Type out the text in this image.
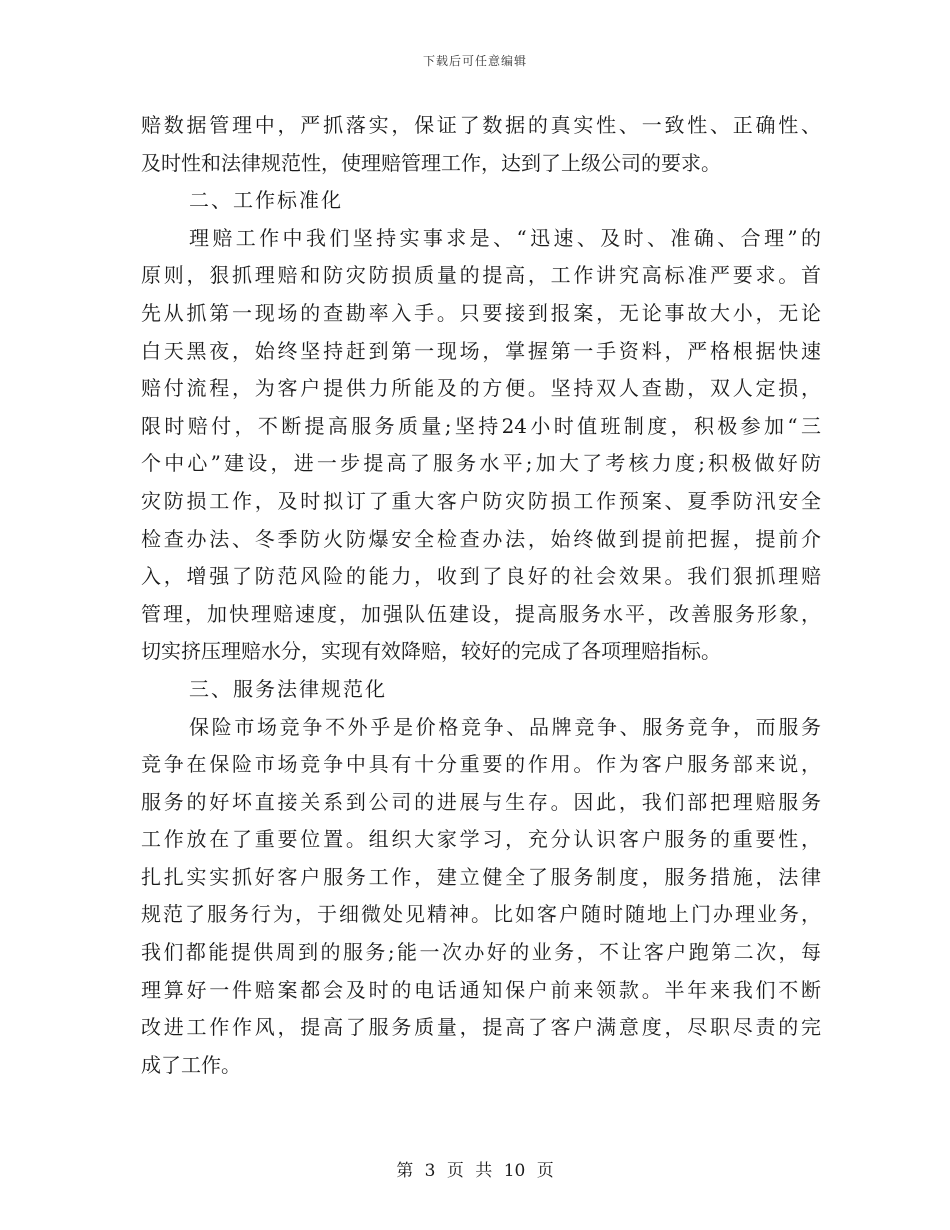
下载后可任意编辑
赔数据管理中，严抓落实，保证了数据的真实性、一致性、正确性、
及时性和法律规范性，使理赔管理工作，达到了上级公司的要求。
二、工作标准化
理赔工作中我们坚持实事求是、“迅速、及时、准确、合理”的
原则，狠抓理赔和防灾防损质量的提高，工作讲究高标准严要求。首
先从抓第一现场的查勘率入手。只要接到报案，无论事故大小，无论
白天黑夜，始终坚持赶到第一现场，掌握第一手资料，严格根据快速
赔付流程，为客户提供力所能及的方便。坚持双人查勘，双人定损，
限时赔付，不断提高服务质量;坚持24小时值班制度，积极参加“三
个中心”建设，进一步提高了服务水平;加大了考核力度;积极做好防
灾防损工作，及时拟订了重大客户防灾防损工作预案、夏季防汛安全
检查办法、冬季防火防爆安全检查办法，始终做到提前把握，提前介
入，增强了防范风险的能力，收到了良好的社会效果。我们狠抓理赔
管理，加快理赔速度，加强队伍建设，提高服务水平，改善服务形象，
切实挤压理赔水分，实现有效降赔，较好的完成了各项理赔指标。
三、服务法律规范化
保险市场竞争不外乎是价格竞争、品牌竞争、服务竞争，而服务
竞争在保险市场竞争中具有十分重要的作用。作为客户服务部来说，
服务的好坏直接关系到公司的进展与生存。因此，我们部把理赔服务
工作放在了重要位置。组织大家学习，充分认识客户服务的重要性，
扎扎实实抓好客户服务工作，建立健全了服务制度，服务措施，法律
规范了服务行为，于细微处见精神。比如客户随时随地上门办理业务，
我们都能提供周到的服务;能一次办好的业务，不让客户跑第二次，每
理算好一件赔案都会及时的电话通知保户前来领款。半年来我们不断
改进工作作风，提高了服务质量，提高了客户满意度，尽职尽责的完
成了工作。
第 3 页 共 10 页
